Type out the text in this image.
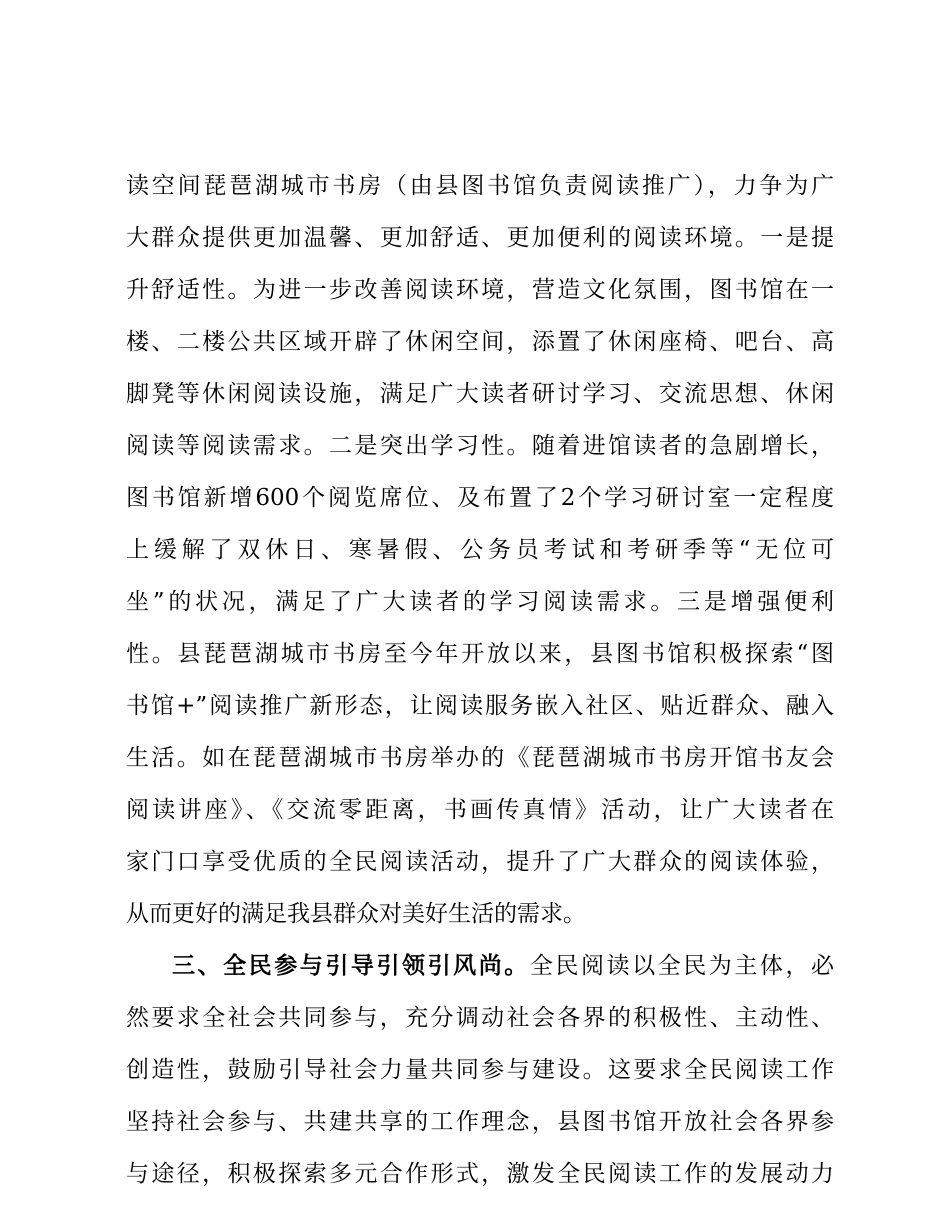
读空间琵琶湖城市书房（由县图书馆负责阅读推广），力争为广
大群众提供更加温馨、更加舒适、更加便利的阅读环境。一是提
升舒适性。为进一步改善阅读环境，营造文化氛围，图书馆在一
楼、二楼公共区域开辟了休闲空间，添置了休闲座椅、吧台、高
脚凳等休闲阅读设施，满足广大读者研讨学习、交流思想、休闲
阅读等阅读需求。二是突出学习性。随着进馆读者的急剧增长，
图书馆新增600个阅览席位、及布置了2个学习研讨室一定程度
上缓解了双休日、寒暑假、公务员考试和考研季等“无位可
坐”的状况，满足了广大读者的学习阅读需求。三是增强便利
性。县琵琶湖城市书房至今年开放以来，县图书馆积极探索“图
书馆+”阅读推广新形态，让阅读服务嵌入社区、贴近群众、融入
生活。如在琵琶湖城市书房举办的《琵琶湖城市书房开馆书友会
阅读讲座》、《交流零距离，书画传真情》活动，让广大读者在
家门口享受优质的全民阅读活动，提升了广大群众的阅读体验，
从而更好的满足我县群众对美好生活的需求。
三、全民参与引导引领引风尚。全民阅读以全民为主体，必
然要求全社会共同参与，充分调动社会各界的积极性、主动性、
创造性，鼓励引导社会力量共同参与建设。这要求全民阅读工作
坚持社会参与、共建共享的工作理念，县图书馆开放社会各界参
与途径，积极探索多元合作形式，激发全民阅读工作的发展动力
